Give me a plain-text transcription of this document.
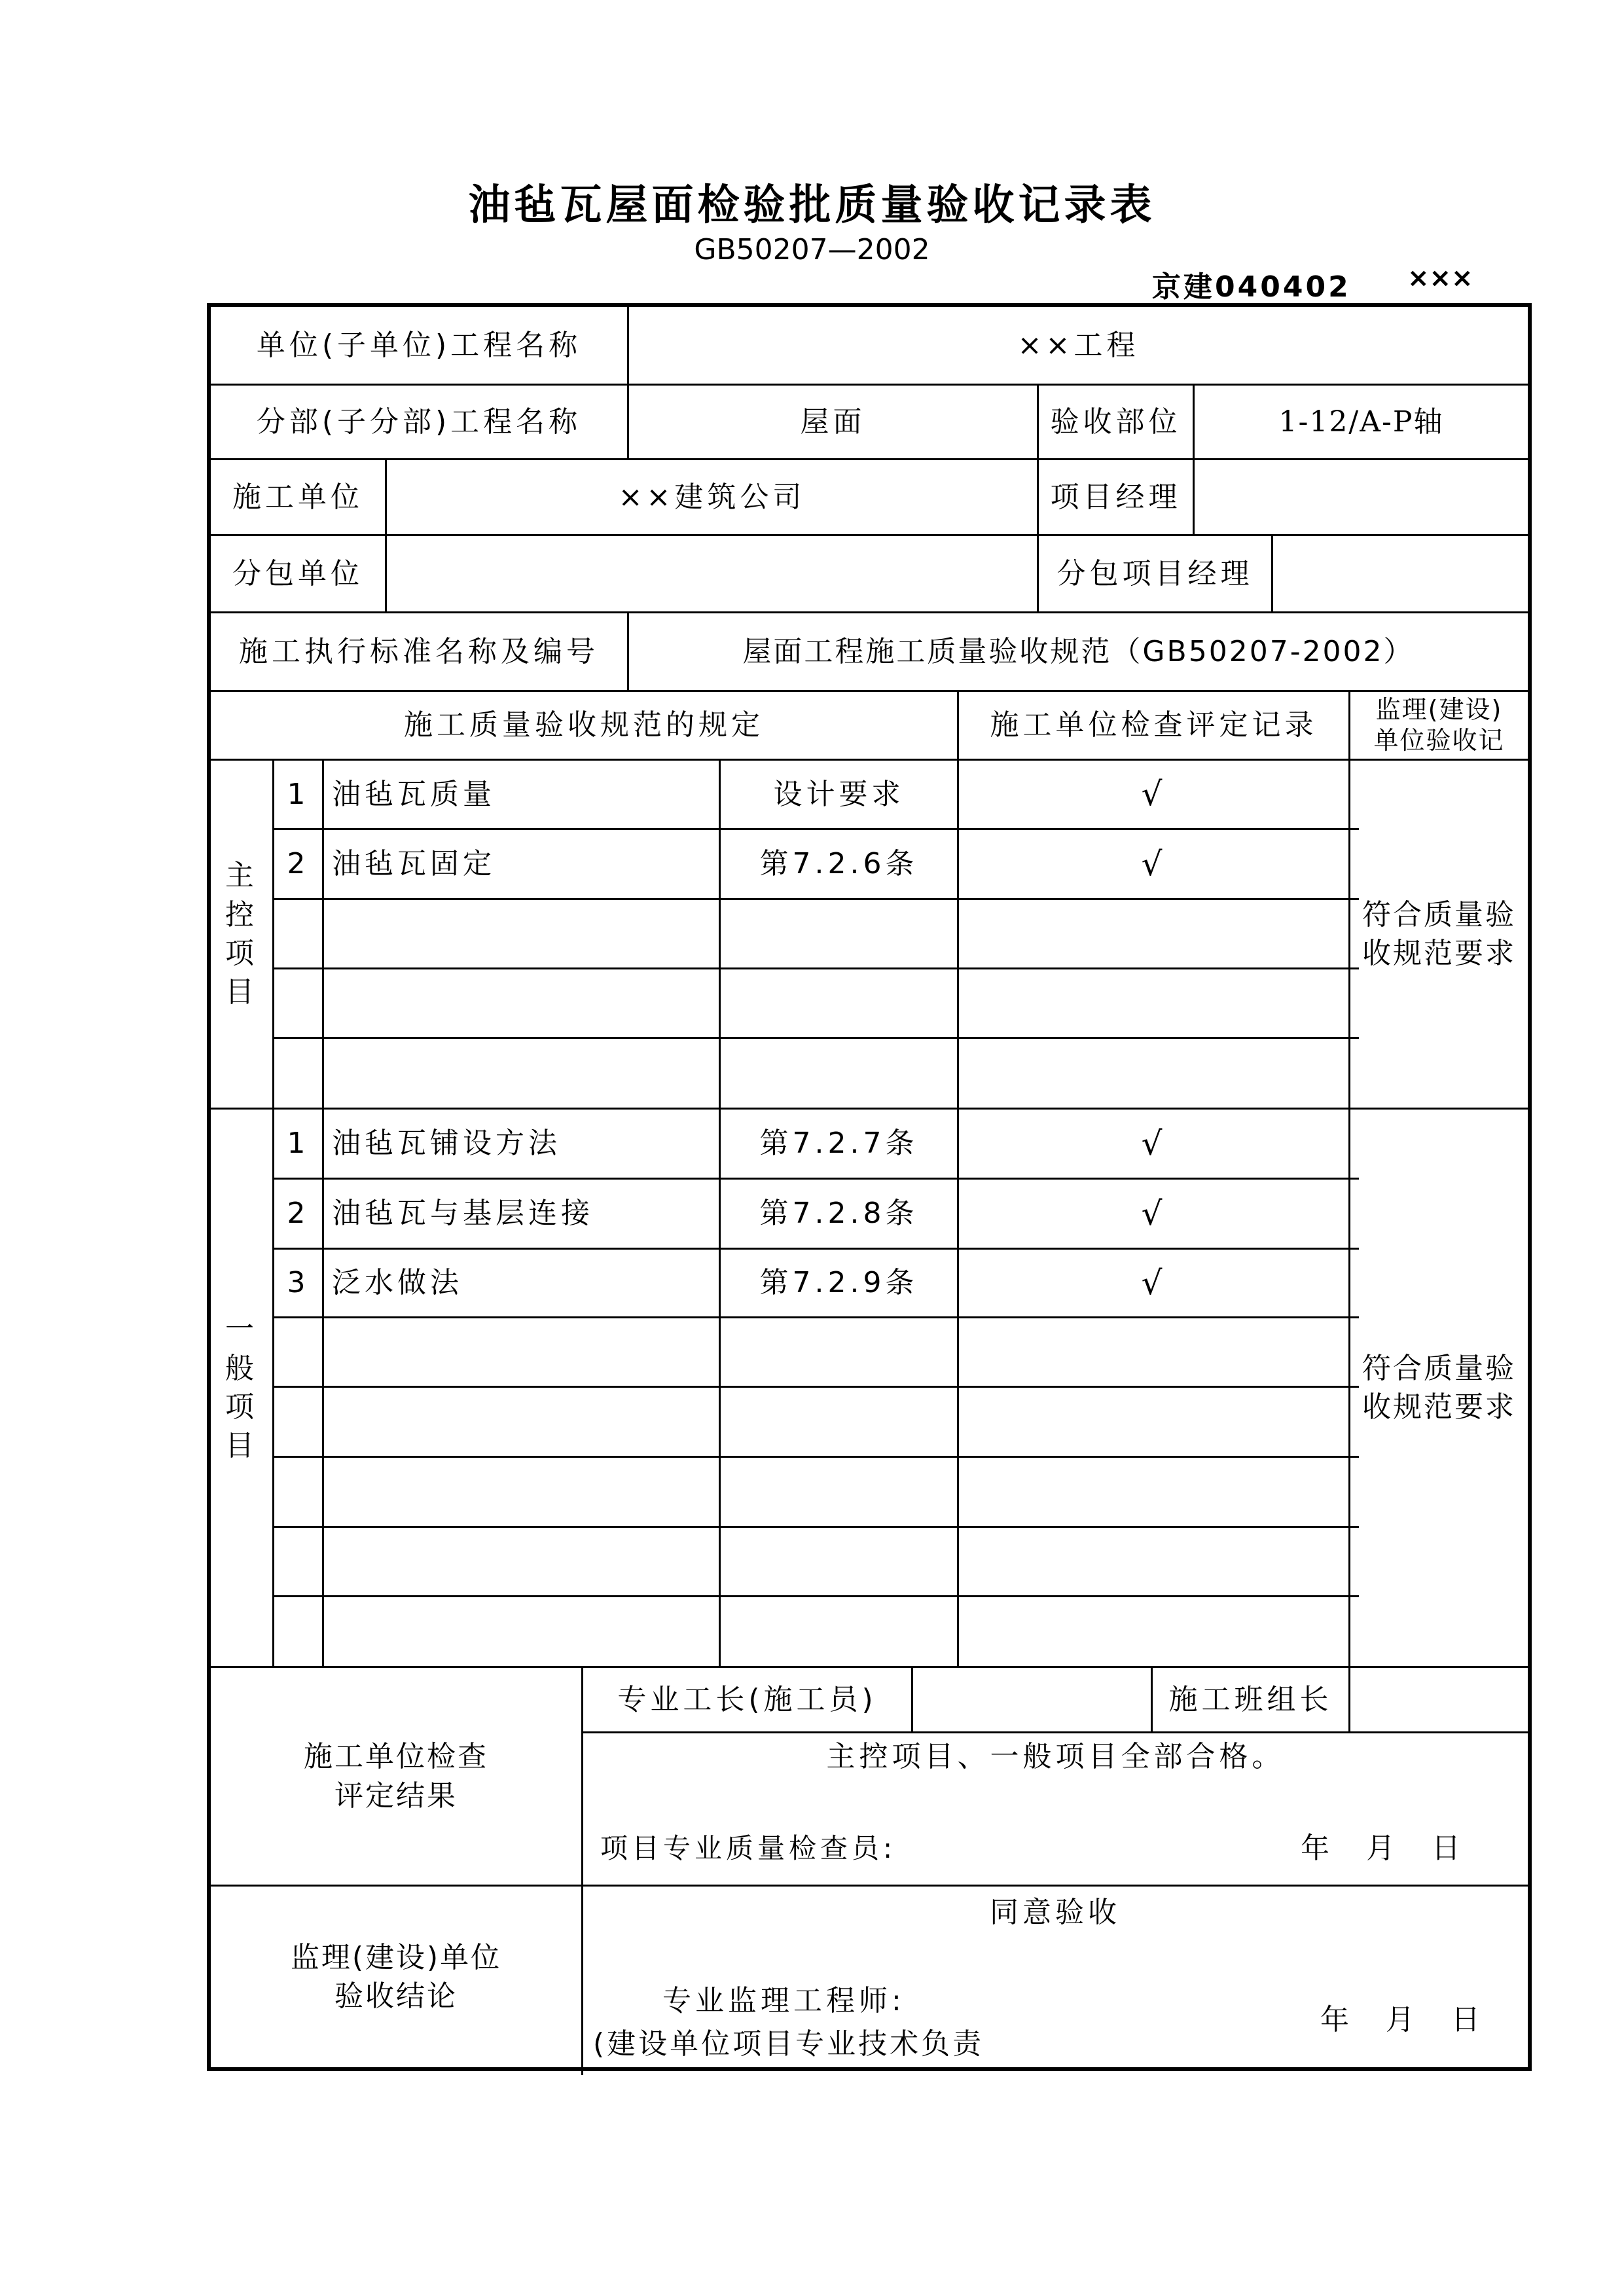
油毡瓦屋面检验批质量验收记录表
GB50207—2002
京建040402 ×××
单位(子单位)工程名称	××工程
分部(子分部)工程名称	屋面	验收部位	1-12/A-P轴
施工单位	××建筑公司	项目经理
分包单位	分包项目经理
施工执行标准名称及编号	屋面工程施工质量验收规范（GB50207-2002）
施工质量验收规范的规定	施工单位检查评定记录	监理(建设)
单位验收记
主
控
项
目
1 油毡瓦质量	设计要求	√
2 油毡瓦固定	第7.2.6条	√
符合质量验
收规范要求
一
般
项
目
1 油毡瓦铺设方法	第7.2.7条	√
2 油毡瓦与基层连接	第7.2.8条	√
3 泛水做法	第7.2.9条	√
符合质量验
收规范要求
施工单位检查
评定结果
专业工长(施工员)	施工班组长
主控项目、一般项目全部合格。
项目专业质量检查员:	年　月　日
监理(建设)单位
验收结论
同意验收
专业监理工程师:
(建设单位项目专业技术负责
年　月　日
